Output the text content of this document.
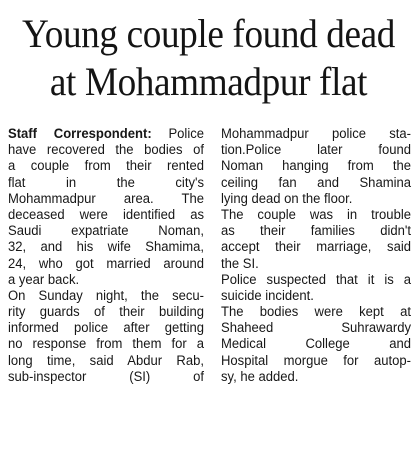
Young couple found dead
at Mohammadpur flat
Staff Correspondent: Police
have recovered the bodies of
a couple from their rented
flat in the city's
Mohammadpur area. The
deceased were identified as
Saudi expatriate Noman,
32, and his wife Shamima,
24, who got married around
a year back.
On Sunday night, the secu-
rity guards of their building
informed police after getting
no response from them for a
long time, said Abdur Rab,
sub-inspector (SI) of
Mohammadpur police sta-
tion.Police later found
Noman hanging from the
ceiling fan and Shamina
lying dead on the floor.
The couple was in trouble
as their families didn't
accept their marriage, said
the SI.
Police suspected that it is a
suicide incident.
The bodies were kept at
Shaheed Suhrawardy
Medical College and
Hospital morgue for autop-
sy, he added.
